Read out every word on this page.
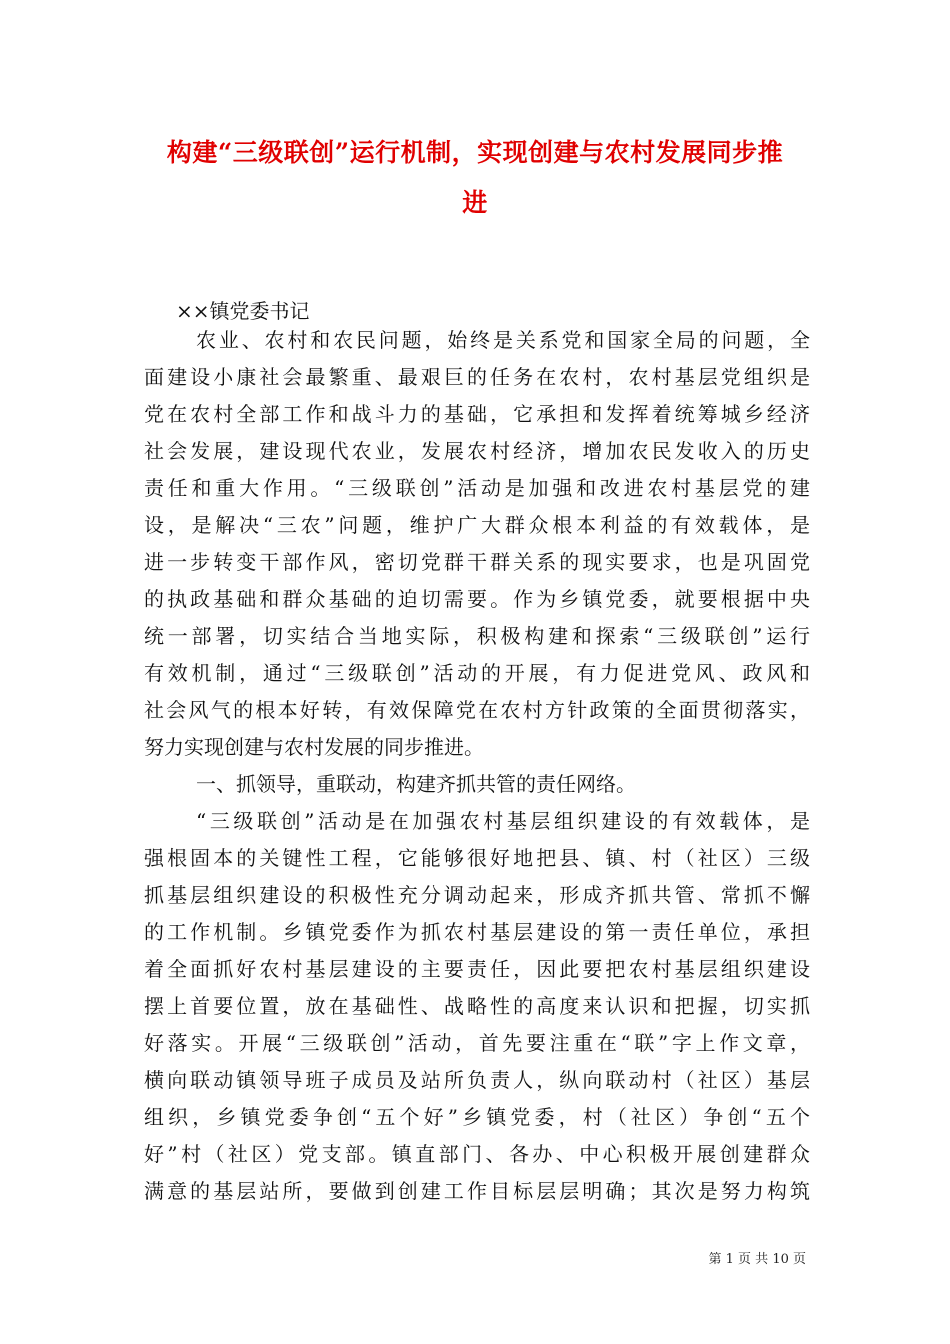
构建“三级联创”运行机制，实现创建与农村发展同步推
进
××镇党委书记
农业、农村和农民问题，始终是关系党和国家全局的问题，全
面建设小康社会最繁重、最艰巨的任务在农村，农村基层党组织是
党在农村全部工作和战斗力的基础，它承担和发挥着统筹城乡经济
社会发展，建设现代农业，发展农村经济，增加农民发收入的历史
责任和重大作用。“三级联创”活动是加强和改进农村基层党的建
设，是解决“三农”问题，维护广大群众根本利益的有效载体，是
进一步转变干部作风，密切党群干群关系的现实要求，也是巩固党
的执政基础和群众基础的迫切需要。作为乡镇党委，就要根据中央
统一部署，切实结合当地实际，积极构建和探索“三级联创”运行
有效机制，通过“三级联创”活动的开展，有力促进党风、政风和
社会风气的根本好转，有效保障党在农村方针政策的全面贯彻落实，
努力实现创建与农村发展的同步推进。
一、抓领导，重联动，构建齐抓共管的责任网络。
“三级联创”活动是在加强农村基层组织建设的有效载体，是
强根固本的关键性工程，它能够很好地把县、镇、村（社区）三级
抓基层组织建设的积极性充分调动起来，形成齐抓共管、常抓不懈
的工作机制。乡镇党委作为抓农村基层建设的第一责任单位，承担
着全面抓好农村基层建设的主要责任，因此要把农村基层组织建设
摆上首要位置，放在基础性、战略性的高度来认识和把握，切实抓
好落实。开展“三级联创”活动，首先要注重在“联”字上作文章，
横向联动镇领导班子成员及站所负责人，纵向联动村（社区）基层
组织，乡镇党委争创“五个好”乡镇党委，村（社区）争创“五个
好”村（社区）党支部。镇直部门、各办、中心积极开展创建群众
满意的基层站所，要做到创建工作目标层层明确；其次是努力构筑
第 1 页 共 10 页
